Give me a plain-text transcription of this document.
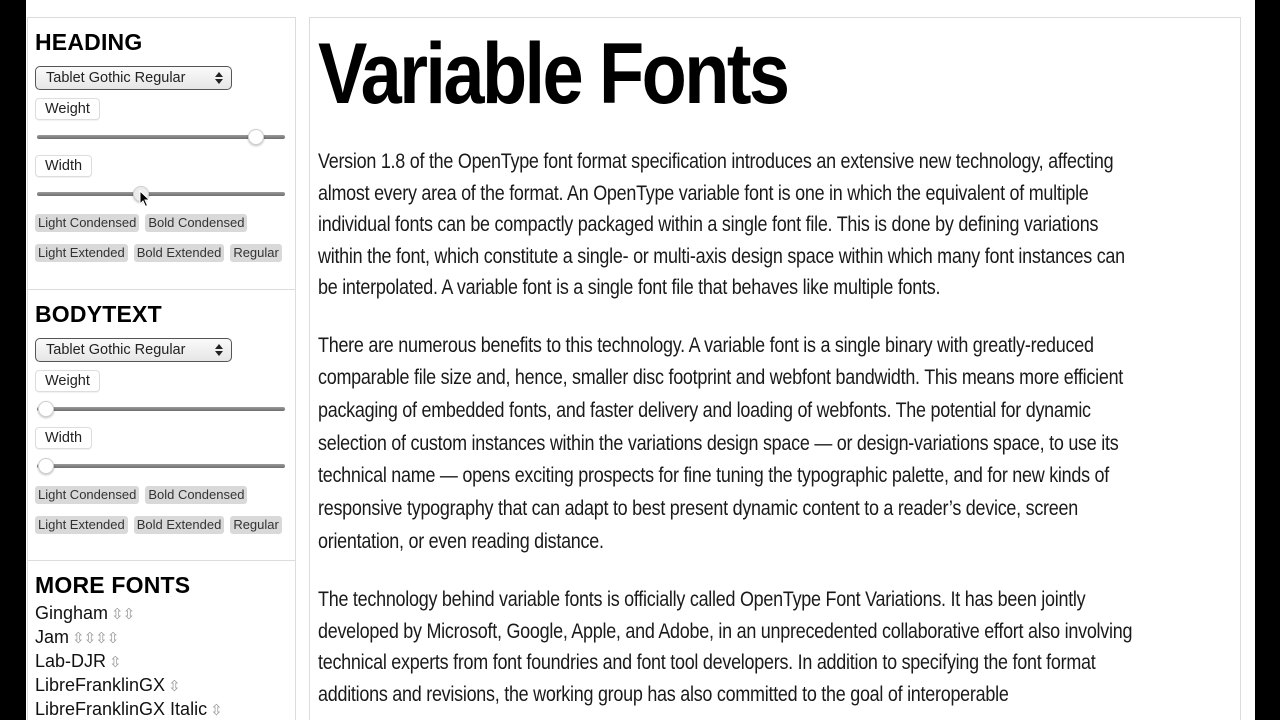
HEADING
Tablet Gothic Regular
Weight
Width
Light Condensed Bold Condensed
Light Extended Bold Extended Regular
BODYTEXT
Tablet Gothic Regular
Weight
Width
Light Condensed Bold Condensed
Light Extended Bold Extended Regular
MORE FONTS
Gingham ⇳⇳
Jam ⇳⇳⇳⇳
Lab-DJR ⇳
LibreFranklinGX ⇳
LibreFranklinGX Italic ⇳
Variable Fonts

Version 1.8 of the OpenType font format specification introduces an extensive new technology, affecting
almost every area of the format. An OpenType variable font is one in which the equivalent of multiple
individual fonts can be compactly packaged within a single font file. This is done by defining variations
within the font, which constitute a single- or multi-axis design space within which many font instances can
be interpolated. A variable font is a single font file that behaves like multiple fonts.

There are numerous benefits to this technology. A variable font is a single binary with greatly-reduced
comparable file size and, hence, smaller disc footprint and webfont bandwidth. This means more efficient
packaging of embedded fonts, and faster delivery and loading of webfonts. The potential for dynamic
selection of custom instances within the variations design space — or design-variations space, to use its
technical name — opens exciting prospects for fine tuning the typographic palette, and for new kinds of
responsive typography that can adapt to best present dynamic content to a reader’s device, screen
orientation, or even reading distance.

The technology behind variable fonts is officially called OpenType Font Variations. It has been jointly
developed by Microsoft, Google, Apple, and Adobe, in an unprecedented collaborative effort also involving
technical experts from font foundries and font tool developers. In addition to specifying the font format
additions and revisions, the working group has also committed to the goal of interoperable
